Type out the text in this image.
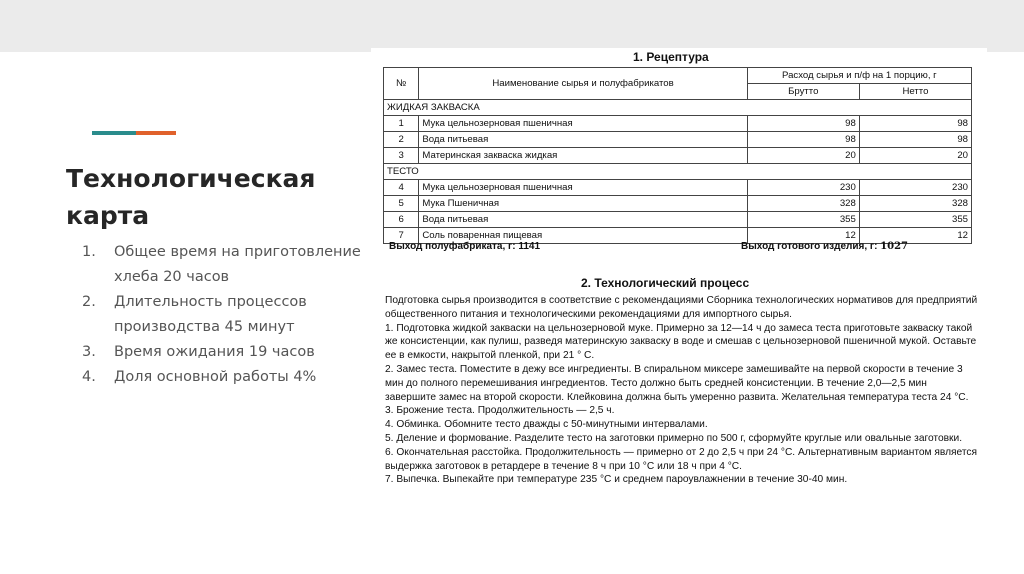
Технологическая
карта
1. Общее время на приготовление
хлеба 20 часов
2. Длительность процессов
производства 45 минут
3. Время ожидания 19 часов
4. Доля основной работы 4%
1. Рецептура
№	Наименование сырья и полуфабрикатов	Расход сырья и п/ф на 1 порцию, г	
		Брутто	Нетто
ЖИДКАЯ ЗАКВАСКА			
1	Мука цельнозерновая пшеничная	98	98
2	Вода питьевая	98	98
3	Материнская закваска жидкая	20	20
ТЕСТО			
4	Мука цельнозерновая пшеничная	230	230
5	Мука Пшеничная	328	328
6	Вода питьевая	355	355
7	Соль поваренная пищевая	12	12
Выход полуфабриката, г: 1141	Выход готового изделия, г: 1027
2. Технологический процесс

Подготовка сырья производится в соответствие с рекомендациями Сборника технологических нормативов для предприятий общественного питания и технологическими рекомендациями для импортного сырья.

1. Подготовка жидкой закваски на цельнозерновой муке. Примерно за 12—14 ч до замеса теста приготовьте закваску такой же консистенции, как пулиш, разведя материнскую закваску в воде и смешав с цельнозерновой пшеничной мукой. Оставьте ее в емкости, накрытой пленкой, при 21 ° С.

2. Замес теста. Поместите в дежу все ингредиенты. В спиральном миксере замешивайте на первой скорости в течение 3 мин до полного перемешивания ингредиентов. Тесто должно быть средней консистенции. В течение 2,0—2,5 мин завершите замес на второй скорости. Клейковина должна быть умеренно развита. Желательная температура теста 24 °С.

3. Брожение теста. Продолжительность — 2,5 ч.

4. Обминка. Обомните тесто дважды с 50-минутными интервалами.

5. Деление и формование. Разделите тесто на заготовки примерно по 500 г, сформуйте круглые или овальные заготовки.

6. Окончательная расстойка. Продолжительность — примерно от 2 до 2,5 ч при 24 °С. Альтернативным вариантом является выдержка заготовок в ретардере в течение 8 ч при 10 °С или 18 ч при 4 °С.

7. Выпечка. Выпекайте при температуре 235 °С и среднем пароувлажнении в течение 30-40 мин.
